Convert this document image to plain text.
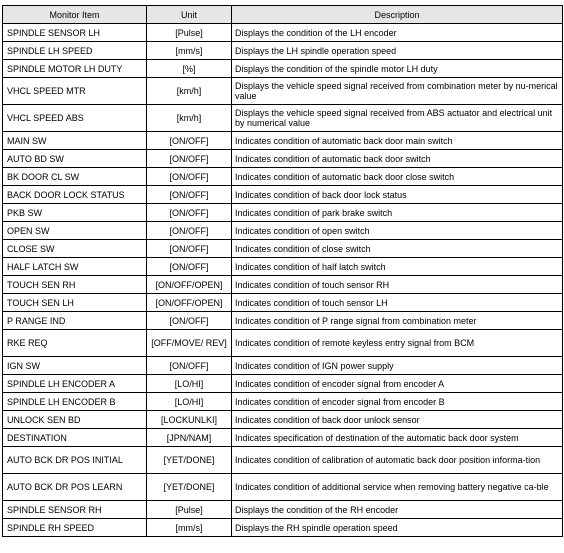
Monitor Item	Unit	Description
SPINDLE SENSOR LH	[Pulse]	Displays the condition of the LH encoder
SPINDLE LH SPEED	[mm/s]	Displays the LH spindle operation speed
SPINDLE MOTOR LH DUTY	[%]	Displays the condition of the spindle motor LH duty
VHCL SPEED MTR	[km/h]	Displays the vehicle speed signal received from combination meter by nu-merical value
VHCL SPEED ABS	[km/h]	Displays the vehicle speed signal received from ABS actuator and electrical unit by numerical value
MAIN SW	[ON/OFF]	Indicates condition of automatic back door main switch
AUTO BD SW	[ON/OFF]	Indicates condition of automatic back door switch
BK DOOR CL SW	[ON/OFF]	Indicates condition of automatic back door close switch
BACK DOOR LOCK STATUS	[ON/OFF]	Indicates condition of back door lock status
PKB SW	[ON/OFF]	Indicates condition of park brake switch
OPEN SW	[ON/OFF]	Indicates condition of open switch
CLOSE SW	[ON/OFF]	Indicates condition of close switch
HALF LATCH SW	[ON/OFF]	Indicates condition of half latch switch
TOUCH SEN RH	[ON/OFF/OPEN]	Indicates condition of touch sensor RH
TOUCH SEN LH	[ON/OFF/OPEN]	Indicates condition of touch sensor LH
P RANGE IND	[ON/OFF]	Indicates condition of P range signal from combination meter
RKE REQ	[OFF/MOVE/ REV]	Indicates condition of remote keyless entry signal from BCM
IGN SW	[ON/OFF]	Indicates condition of IGN power supply
SPINDLE LH ENCODER A	[LO/HI]	Indicates condition of encoder signal from encoder A
SPINDLE LH ENCODER B	[LO/HI]	Indicates condition of encoder signal from encoder B
UNLOCK SEN BD	[LOCKUNLKI]	Indicates condition of back door unlock sensor
DESTINATION	[JPN/NAM]	Indicates specification of destination of the automatic back door system
AUTO BCK DR POS INITIAL	[YET/DONE]	Indicates condition of calibration of automatic back door position informa-tion
AUTO BCK DR POS LEARN	[YET/DONE]	Indicates condition of additional service when removing battery negative ca-ble
SPINDLE SENSOR RH	[Pulse]	Displays the condition of the RH encoder
SPINDLE RH SPEED	[mm/s]	Displays the RH spindle operation speed
